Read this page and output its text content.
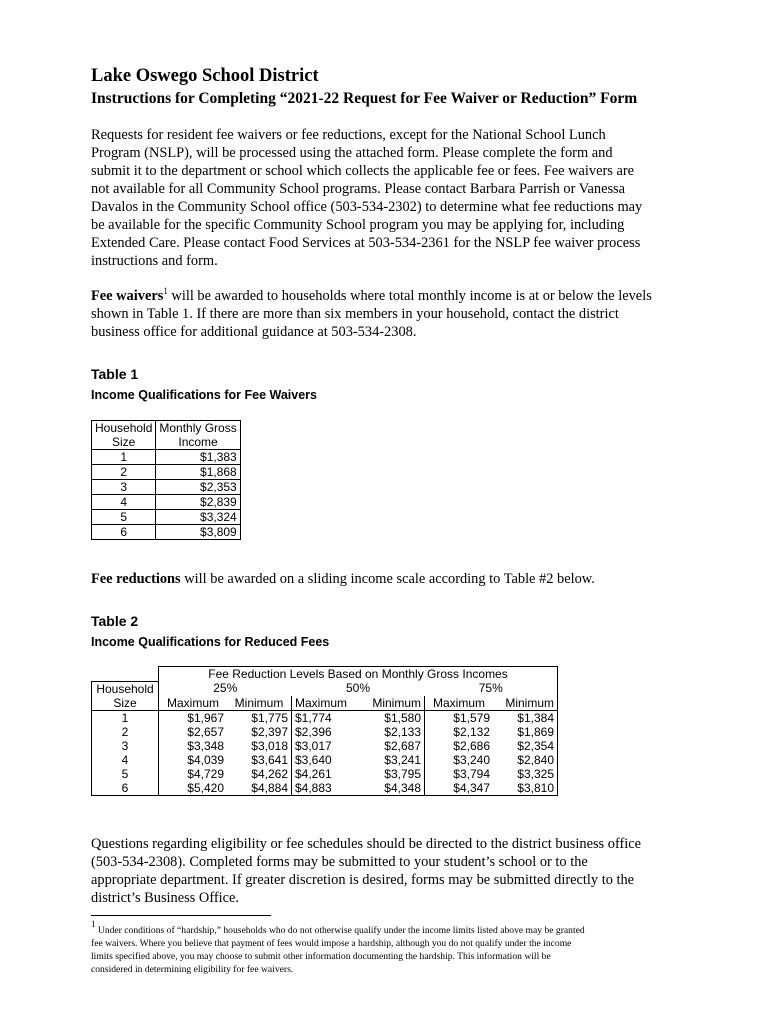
Lake Oswego School District
Instructions for Completing “2021-22 Request for Fee Waiver or Reduction” Form

Requests for resident fee waivers or fee reductions, except for the National School Lunch

Program (NSLP), will be processed using the attached form. Please complete the form and

submit it to the department or school which collects the applicable fee or fees. Fee waivers are

not available for all Community School programs. Please contact Barbara Parrish or Vanessa

Davalos in the Community School office (503-534-2302) to determine what fee reductions may

be available for the specific Community School program you may be applying for, including

Extended Care. Please contact Food Services at 503-534-2361 for the NSLP fee waiver process

instructions and form.

Fee waivers$^1$ will be awarded to households where total monthly income is at or below the levels

shown in Table 1. If there are more than six members in your household, contact the district

business office for additional guidance at 503-534-2308.

Table 1
Income Qualifications for Fee Waivers
Household	Monthly Gross
Size	Income
1	$1,383
2	$1,868
3	$2,353
4	$2,839
5	$3,324
6	$3,809

Fee reductions will be awarded on a sliding income scale according to Table #2 below.

Table 2
Income Qualifications for Reduced Fees
	Fee Reduction Levels Based on Monthly Gross Incomes					
Household	25%		50%		75%	
Size	Maximum	Minimum	Maximum	Minimum	Maximum	Minimum
1	$1,967	$1,775	$1,774	$1,580	$1,579	$1,384
2	$2,657	$2,397	$2,396	$2,133	$2,132	$1,869
3	$3,348	$3,018	$3,017	$2,687	$2,686	$2,354
4	$4,039	$3,641	$3,640	$3,241	$3,240	$2,840
5	$4,729	$4,262	$4,261	$3,795	$3,794	$3,325
6	$5,420	$4,884	$4,883	$4,348	$4,347	$3,810

Questions regarding eligibility or fee schedules should be directed to the district business office

(503-534-2308). Completed forms may be submitted to your student’s school or to the

appropriate department. If greater discretion is desired, forms may be submitted directly to the

district’s Business Office.

$^1$ Under conditions of “hardship,” households who do not otherwise qualify under the income limits listed above may be granted

fee waivers. Where you believe that payment of fees would impose a hardship, although you do not qualify under the income

limits specified above, you may choose to submit other information documenting the hardship. This information will be

considered in determining eligibility for fee waivers.
